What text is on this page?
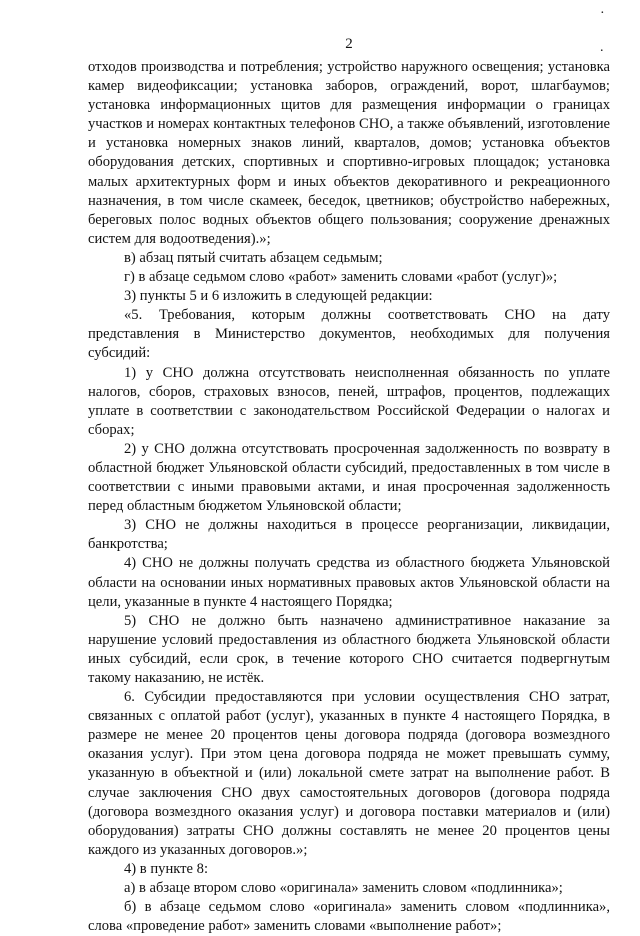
·
.
2

отходов производства и потребления; устройство наружного освещения; установка камер видеофиксации; установка заборов, ограждений, ворот, шлагбаумов; установка информационных щитов для размещения информации о границах участков и номерах контактных телефонов СНО, а также объявлений, изготовление и установка номерных знаков линий, кварталов, домов; установка объектов оборудования детских, спортивных и спортивно-игровых площадок; установка малых архитектурных форм и иных объектов декоративного и рекреационного назначения, в том числе скамеек, беседок, цветников; обустройство набережных, береговых полос водных объектов общего пользования; сооружение дренажных систем для водоотведения).»;

в) абзац пятый считать абзацем седьмым;

г) в абзаце седьмом слово «работ» заменить словами «работ (услуг)»;

3) пункты 5 и 6 изложить в следующей редакции:

«5. Требования, которым должны соответствовать СНО на дату представления в Министерство документов, необходимых для получения субсидий:

1) у СНО должна отсутствовать неисполненная обязанность по уплате налогов, сборов, страховых взносов, пеней, штрафов, процентов, подлежащих уплате в соответствии с законодательством Российской Федерации о налогах и сборах;

2) у СНО должна отсутствовать просроченная задолженность по возврату в областной бюджет Ульяновской области субсидий, предоставленных в том числе в соответствии с иными правовыми актами, и иная просроченная задолженность перед областным бюджетом Ульяновской области;

3) СНО не должны находиться в процессе реорганизации, ликвидации, банкротства;

4) СНО не должны получать средства из областного бюджета Ульяновской области на основании иных нормативных правовых актов Ульяновской области на цели, указанные в пункте 4 настоящего Порядка;

5) СНО не должно быть назначено административное наказание за нарушение условий предоставления из областного бюджета Ульяновской области иных субсидий, если срок, в течение которого СНО считается подвергнутым такому наказанию, не истёк.

6. Субсидии предоставляются при условии осуществления СНО затрат, связанных с оплатой работ (услуг), указанных в пункте 4 настоящего Порядка, в размере не менее 20 процентов цены договора подряда (договора возмездного оказания услуг). При этом цена договора подряда не может превышать сумму, указанную в объектной и (или) локальной смете затрат на выполнение работ. В случае заключения СНО двух самостоятельных договоров (договора подряда (договора возмездного оказания услуг) и договора поставки материалов и (или) оборудования) затраты СНО должны составлять не менее 20 процентов цены каждого из указанных договоров.»;

4) в пункте 8:

а) в абзаце втором слово «оригинала» заменить словом «подлинника»;

б) в абзаце седьмом слово «оригинала» заменить словом «подлинника», слова «проведение работ» заменить словами «выполнение работ»;
